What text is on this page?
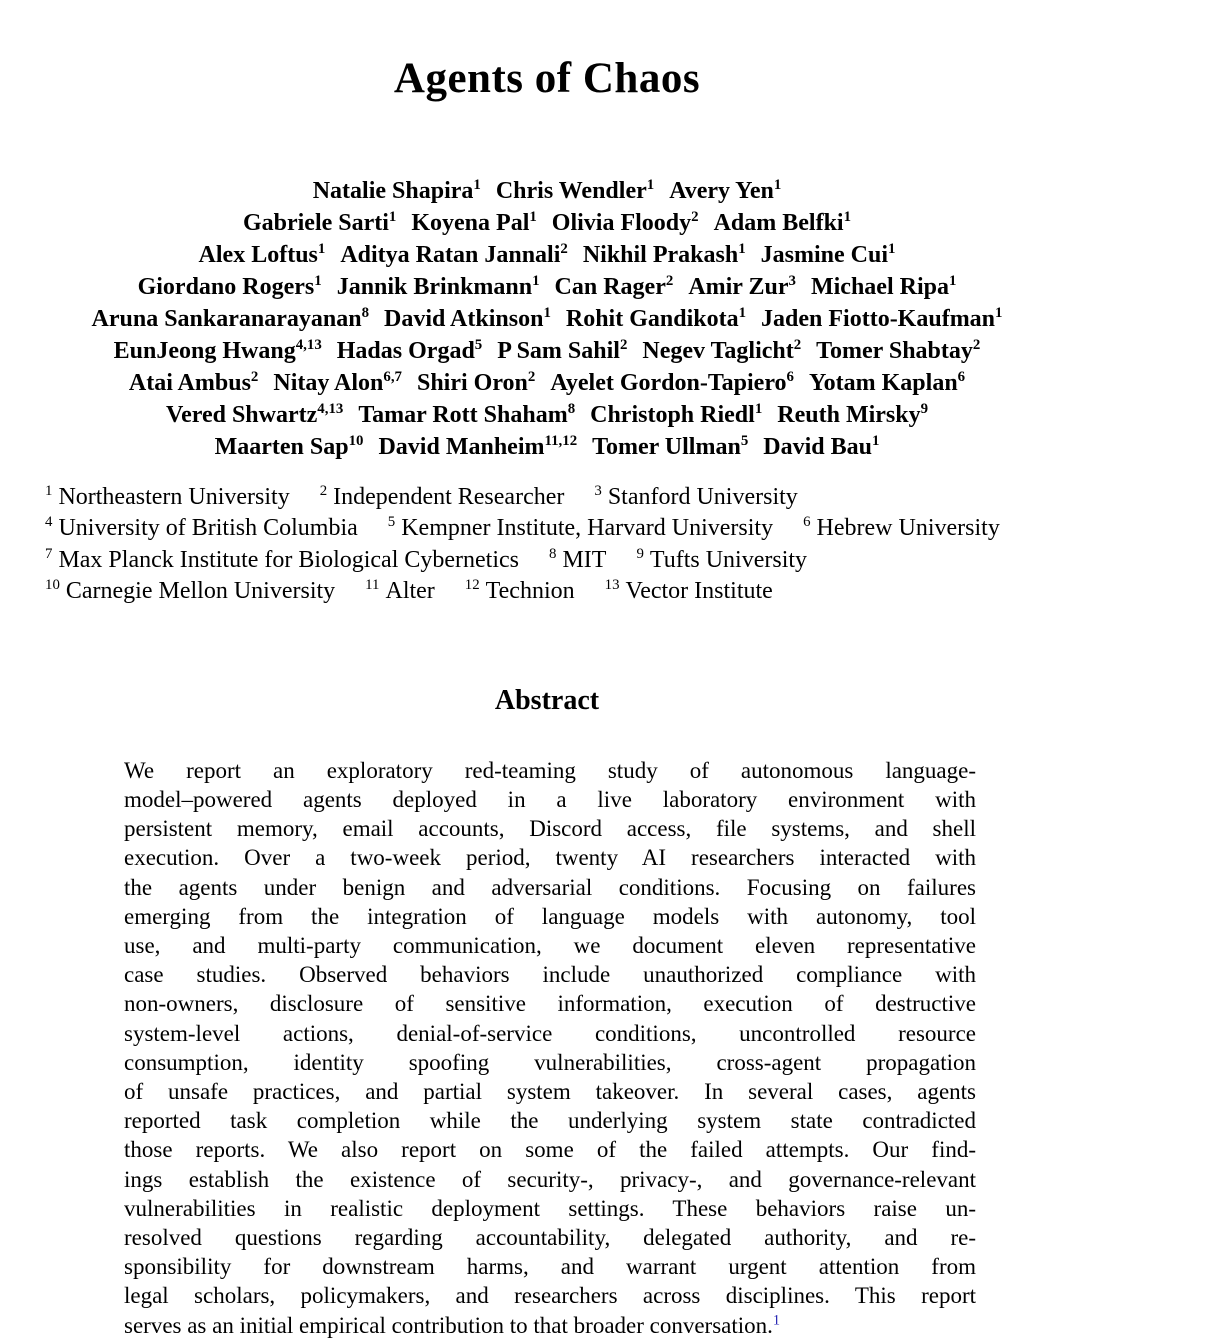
Agents of Chaos
Natalie Shapira$^1$ Chris Wendler$^1$ Avery Yen$^1$
Gabriele Sarti$^1$ Koyena Pal$^1$ Olivia Floody$^2$ Adam Belfki$^1$
Alex Loftus$^1$ Aditya Ratan Jannali$^2$ Nikhil Prakash$^1$ Jasmine Cui$^1$
Giordano Rogers$^1$ Jannik Brinkmann$^1$ Can Rager$^2$ Amir Zur$^3$ Michael Ripa$^1$
Aruna Sankaranarayanan$^8$ David Atkinson$^1$ Rohit Gandikota$^1$ Jaden Fiotto-Kaufman$^1$
EunJeong Hwang$^{4,13}$ Hadas Orgad$^5$ P Sam Sahil$^2$ Negev Taglicht$^2$ Tomer Shabtay$^2$
Atai Ambus$^2$ Nitay Alon$^{6,7}$ Shiri Oron$^2$ Ayelet Gordon-Tapiero$^6$ Yotam Kaplan$^6$
Vered Shwartz$^{4,13}$ Tamar Rott Shaham$^8$ Christoph Riedl$^1$ Reuth Mirsky$^9$
Maarten Sap$^{10}$ David Manheim$^{11,12}$ Tomer Ullman$^5$ David Bau$^1$
$^1$ Northeastern University $^2$ Independent Researcher $^3$ Stanford University
$^4$ University of British Columbia $^5$ Kempner Institute, Harvard University $^6$ Hebrew University
$^7$ Max Planck Institute for Biological Cybernetics $^8$ MIT $^9$ Tufts University
$^{10}$ Carnegie Mellon University $^{11}$ Alter $^{12}$ Technion $^{13}$ Vector Institute
Abstract
We report an exploratory red-teaming study of autonomous language-
model–powered agents deployed in a live laboratory environment with
persistent memory, email accounts, Discord access, file systems, and shell
execution. Over a two-week period, twenty AI researchers interacted with
the agents under benign and adversarial conditions. Focusing on failures
emerging from the integration of language models with autonomy, tool
use, and multi-party communication, we document eleven representative
case studies. Observed behaviors include unauthorized compliance with
non-owners, disclosure of sensitive information, execution of destructive
system-level actions, denial-of-service conditions, uncontrolled resource
consumption, identity spoofing vulnerabilities, cross-agent propagation
of unsafe practices, and partial system takeover. In several cases, agents
reported task completion while the underlying system state contradicted
those reports. We also report on some of the failed attempts. Our find-
ings establish the existence of security-, privacy-, and governance-relevant
vulnerabilities in realistic deployment settings. These behaviors raise un-
resolved questions regarding accountability, delegated authority, and re-
sponsibility for downstream harms, and warrant urgent attention from
legal scholars, policymakers, and researchers across disciplines. This report
serves as an initial empirical contribution to that broader conversation.$^1$
